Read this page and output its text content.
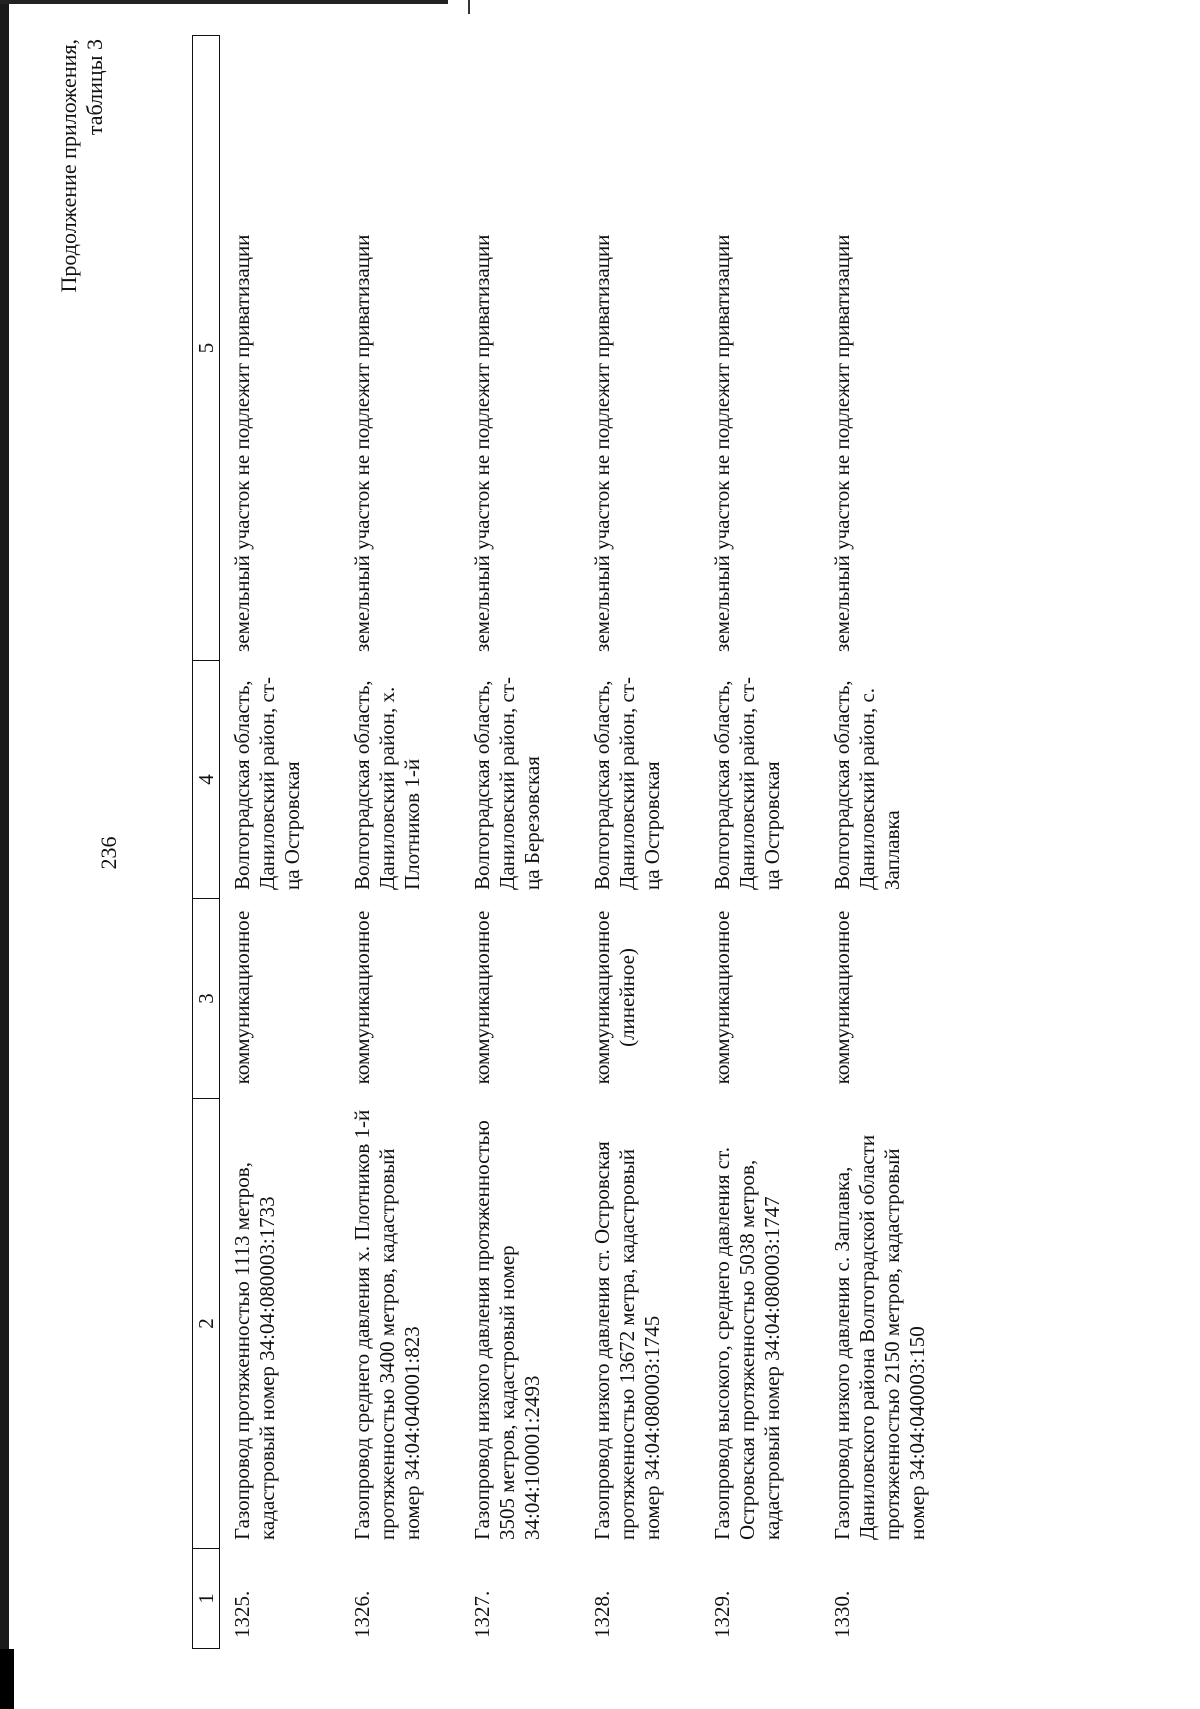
236
Продолжение приложения, таблицы 3
1	2	3	4	5
1325.	Газопровод протяженностью 1113 метров, кадастровый номер 34:04:080003:1733	коммуникационное	Волгоградская область, Даниловский район, ст-ца Островская	земельный участок не подлежит приватизации
1326.	Газопровод среднего давления х. Плотников 1-й протяженностью 3400 метров, кадастровый номер 34:04:040001:823	коммуникационное	Волгоградская область, Даниловский район, х. Плотников 1-й	земельный участок не подлежит приватизации
1327.	Газопровод низкого давления протяженностью 3505 метров, кадастровый номер 34:04:100001:2493	коммуникационное	Волгоградская область, Даниловский район, ст-ца Березовская	земельный участок не подлежит приватизации
1328.	Газопровод низкого давления ст. Островская протяженностью 13672 метра, кадастровый номер 34:04:080003:1745	коммуникационное (линейное)	Волгоградская область, Даниловский район, ст-ца Островская	земельный участок не подлежит приватизации
1329.	Газопровод высокого, среднего давления ст. Островская протяженностью 5038 метров, кадастровый номер 34:04:080003:1747	коммуникационное	Волгоградская область, Даниловский район, ст-ца Островская	земельный участок не подлежит приватизации
1330.	Газопровод низкого давления с. Заплавка, Даниловского района Волгоградской области протяженностью 2150 метров, кадастровый номер 34:04:040003:150	коммуникационное	Волгоградская область, Даниловский район, с. Заплавка	земельный участок не подлежит приватизации
